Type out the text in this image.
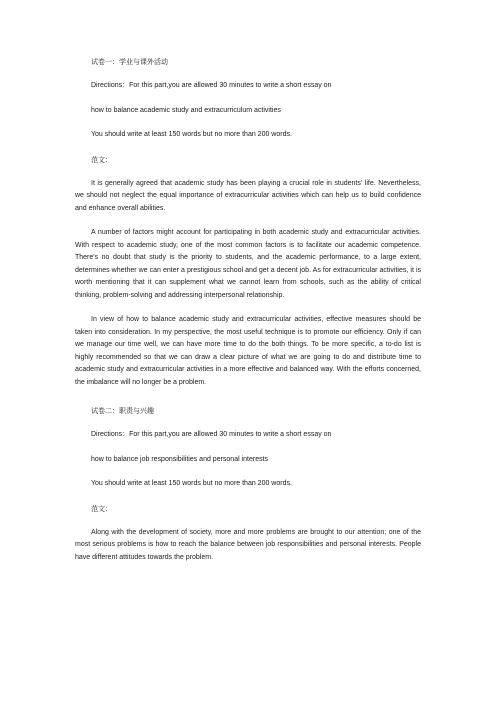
试卷一：学业与课外活动
Directions：For this part,you are allowed 30 minutes to write a short essay on
how to balance academic study and extracurriculum activities
You should write at least 150 words but no more than 200 words.
范文：

It is generally agreed that academic study has been playing a crucial role in students' life. Nevertheless, we should not neglect the equal importance of extracurricular activities which can help us to build confidence and enhance overall abilities.

A number of factors might account for participating in both academic study and extracurricular activities. With respect to academic study, one of the most common factors is to facilitate our academic competence. There's no doubt that study is the priority to students, and the academic performance, to a large extent, determines whether we can enter a prestigious school and get a decent job. As for extracurricular activities, it is worth mentioning that it can supplement what we cannot learn from schools, such as the ability of critical thinking, problem-solving and addressing interpersonal relationship.

In view of how to balance academic study and extracurricular activities, effective measures should be taken into consideration. In my perspective, the most useful technique is to promote our efficiency. Only if can we manage our time well, we can have more time to do the both things. To be more specific, a to-do list is highly recommended so that we can draw a clear picture of what we are going to do and distribute time to academic study and extracurricular activities in a more effective and balanced way. With the efforts concerned, the imbalance will no longer be a problem.

试卷二：职责与兴趣
Directions：For this part,you are allowed 30 minutes to write a short essay on
how to balance job responsibilities and personal interests
You should write at least 150 words but no more than 200 words.
范文：

Along with the development of society, more and more problems are brought to our attention; one of the most serious problems is how to reach the balance between job responsibilities and personal interests. People have different attitudes towards the problem.
